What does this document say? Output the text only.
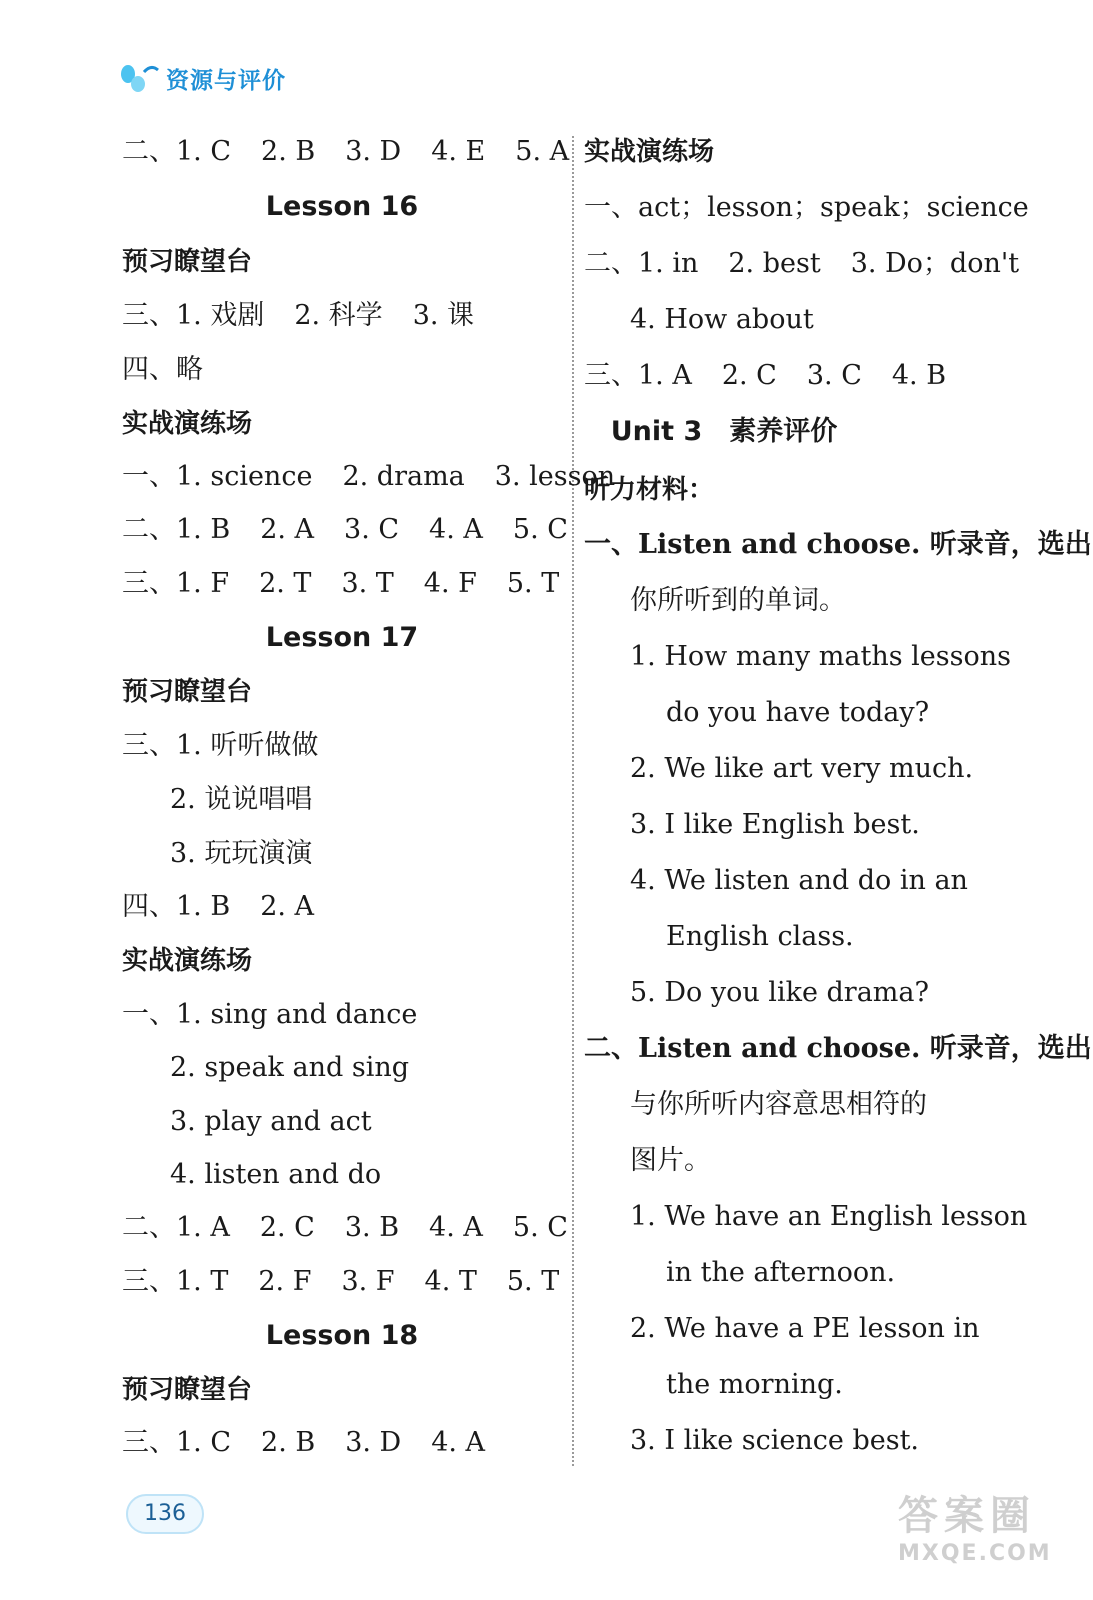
资源与评价
二、1. C 2. B 3. D 4. E 5. A
Lesson 16
预习瞭望台
三、1. 戏剧 2. 科学 3. 课
四、略
实战演练场
一、1. science 2. drama 3. lesson
二、1. B 2. A 3. C 4. A 5. C
三、1. F 2. T 3. T 4. F 5. T
Lesson 17
预习瞭望台
三、1. 听听做做
2. 说说唱唱
3. 玩玩演演
四、1. B 2. A
实战演练场
一、1. sing and dance
2. speak and sing
3. play and act
4. listen and do
二、1. A 2. C 3. B 4. A 5. C
三、1. T 2. F 3. F 4. T 5. T
Lesson 18
预习瞭望台
三、1. C 2. B 3. D 4. A
实战演练场
一、act；lesson；speak；science
二、1. in 2. best 3. Do；don't
4. How about
三、1. A 2. C 3. C 4. B
Unit 3　素养评价
听力材料：
一、Listen and choose. 听录音，选出
你所听到的单词。
1. How many maths lessons
do you have today?
2. We like art very much.
3. I like English best.
4. We listen and do in an
English class.
5. Do you like drama?
二、Listen and choose. 听录音，选出
与你所听内容意思相符的
图片。
1. We have an English lesson
in the afternoon.
2. We have a PE lesson in
the morning.
3. I like science best.
136	答案圈
MXQE.COM
